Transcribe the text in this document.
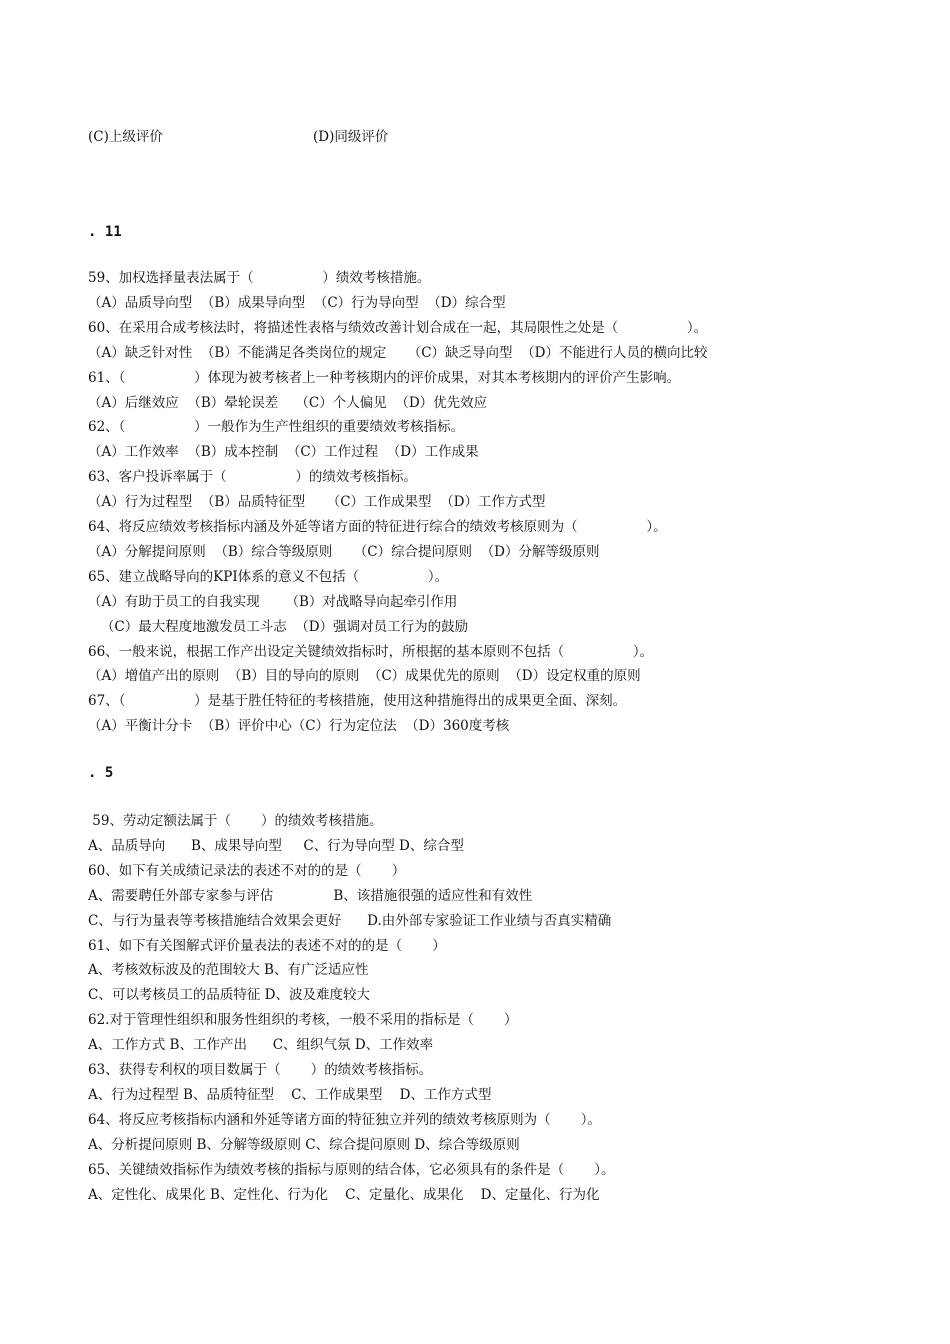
(C)上级评价	(D)同级评价
. 11
59、加权选择量表法属于（                ）绩效考核措施。
（A）品质导向型  （B）成果导向型  （C）行为导向型  （D）综合型
60、在采用合成考核法时，将描述性表格与绩效改善计划合成在一起，其局限性之处是（                ）。
（A）缺乏针对性  （B）不能满足各类岗位的规定     （C）缺乏导向型  （D）不能进行人员的横向比较
61、（                ）体现为被考核者上一种考核期内的评价成果，对其本考核期内的评价产生影响。
（A）后继效应  （B）晕轮误差    （C）个人偏见  （D）优先效应
62、（                ）一般作为生产性组织的重要绩效考核指标。
（A）工作效率  （B）成本控制  （C）工作过程  （D）工作成果
63、客户投诉率属于（                ）的绩效考核指标。
（A）行为过程型  （B）品质特征型     （C）工作成果型  （D）工作方式型
64、将反应绩效考核指标内涵及外延等诸方面的特征进行综合的绩效考核原则为（                ）。
（A）分解提问原则  （B）综合等级原则     （C）综合提问原则  （D）分解等级原则
65、建立战略导向的KPI体系的意义不包括（                ）。
（A）有助于员工的自我实现      （B）对战略导向起牵引作用
（C）最大程度地激发员工斗志  （D）强调对员工行为的鼓励
66、一般来说，根据工作产出设定关键绩效指标时，所根据的基本原则不包括（                ）。
（A）增值产出的原则  （B）目的导向的原则  （C）成果优先的原则  （D）设定权重的原则
67、（                ）是基于胜任特征的考核措施，使用这种措施得出的成果更全面、深刻。
（A）平衡计分卡  （B）评价中心（C）行为定位法  （D）360度考核
. 5
59、劳动定额法属于（       ）的绩效考核措施。
A、品质导向      B、成果导向型     C、行为导向型 D、综合型
60、如下有关成绩记录法的表述不对的的是（       ）
A、需要聘任外部专家参与评估              B、该措施很强的适应性和有效性
C、与行为量表等考核措施结合效果会更好      D.由外部专家验证工作业绩与否真实精确
61、如下有关图解式评价量表法的表述不对的的是（       ）
A、考核效标波及的范围较大 B、有广泛适应性
C、可以考核员工的品质特征 D、波及难度较大
62.对于管理性组织和服务性组织的考核，一般不采用的指标是（       ）
A、工作方式 B、工作产出      C、组织气氛 D、工作效率
63、获得专利权的项目数属于（       ）的绩效考核指标。
A、行为过程型 B、品质特征型    C、工作成果型    D、工作方式型
64、将反应考核指标内涵和外延等诸方面的特征独立并列的绩效考核原则为（       ）。
A、分析提问原则 B、分解等级原则 C、综合提问原则 D、综合等级原则
65、关键绩效指标作为绩效考核的指标与原则的结合体，它必须具有的条件是（       ）。
A、定性化、成果化 B、定性化、行为化    C、定量化、成果化    D、定量化、行为化
